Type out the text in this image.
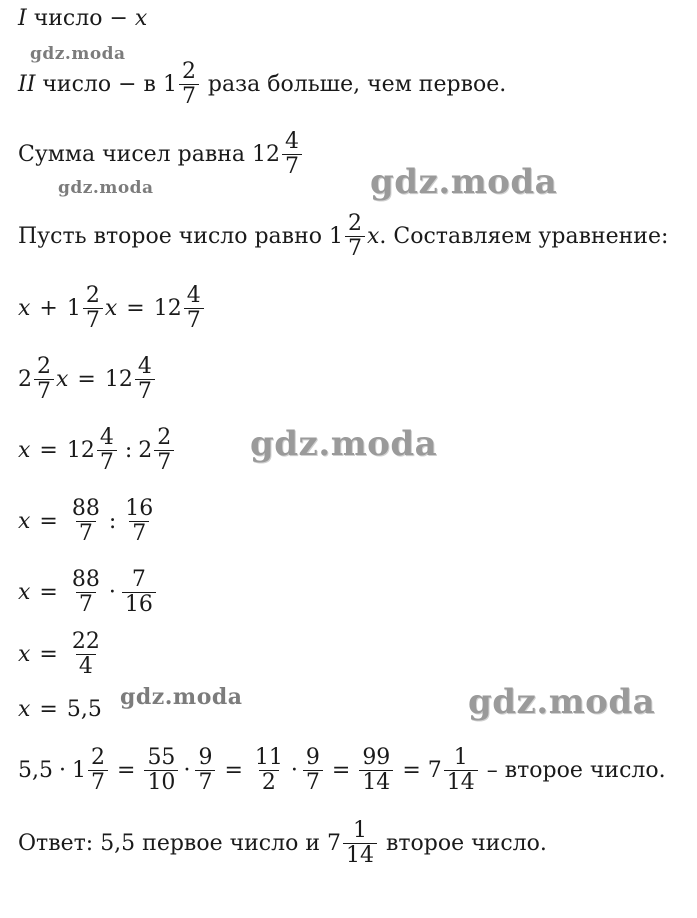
gdz.moda
gdz.moda	gdz.moda
gdz.moda
gdz.moda	gdz.moda
I число − x
II число − в $1 \frac{2}{7}$ раза больше, чем первое.
Сумма чисел равна $12 \frac{4}{7}$
Пусть второе число равно $1 \frac{2}{7}$ x . Составляем уравнение:
$x + 1 \frac{2}{7}$ $x = 12 \frac{4}{7}$
$2 \frac{2}{7}$ $x = 12 \frac{4}{7}$
$x = 12 \frac{4}{7}$ : $2 \frac{2}{7}$
$x = \frac{88}{7}$ : $\frac{16}{7}$
$x = \frac{88}{7} \cdot \frac{7}{16}$
$x = \frac{22}{4}$
x = 5,5
$5,5 \cdot 1 \frac{2}{7} = \frac{55}{10} \cdot \frac{9}{7} = \frac{11}{2} \cdot \frac{9}{7} = \frac{99}{14} = 7 \frac{1}{14}$ – второе число.
Ответ: 5,5 первое число и $7 \frac{1}{14}$ второе число.
